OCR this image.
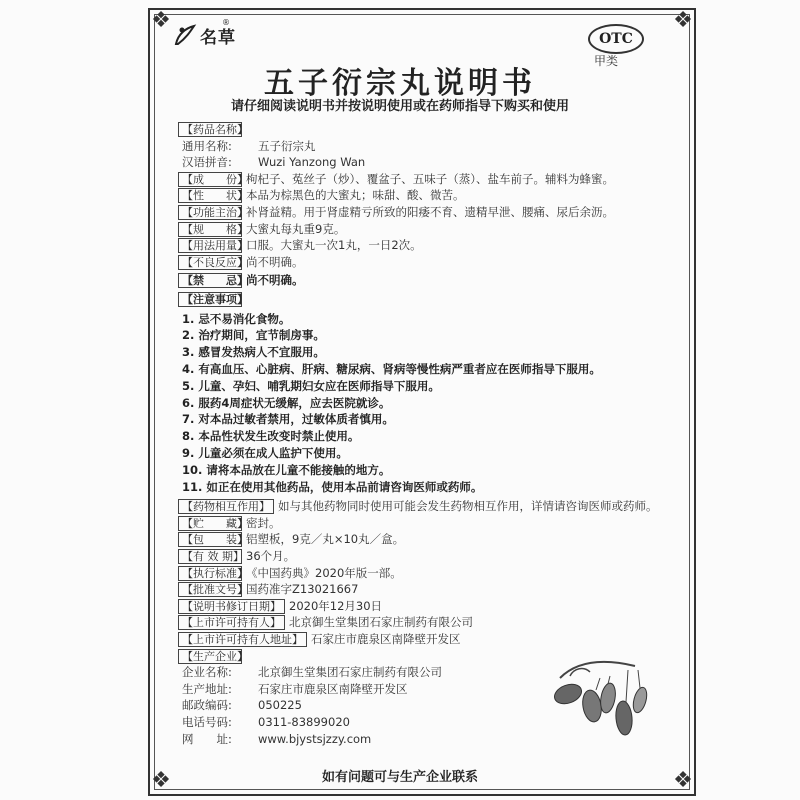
❖	❖
❖	❖
名草
®
OTC
甲类
五子衍宗丸说明书
请仔细阅读说明书并按说明使用或在药师指导下购买和使用
【药品名称】
通用名称:	五子衍宗丸
汉语拼音:	Wuzi Yanzong Wan
【成　　份】
枸杞子、菟丝子（炒）、覆盆子、五味子（蒸）、盐车前子。辅料为蜂蜜。
【性　　状】
本品为棕黑色的大蜜丸；味甜、酸、微苦。
【功能主治】
补肾益精。用于肾虚精亏所致的阳痿不育、遗精早泄、腰痛、尿后余沥。
【规　　格】
大蜜丸每丸重9克。
【用法用量】
口服。大蜜丸一次1丸，一日2次。
【不良反应】
尚不明确。
【禁　　忌】
尚不明确。
【注意事项】
1. 忌不易消化食物。
2. 治疗期间，宜节制房事。
3. 感冒发热病人不宜服用。
4. 有高血压、心脏病、肝病、糖尿病、肾病等慢性病严重者应在医师指导下服用。
5. 儿童、孕妇、哺乳期妇女应在医师指导下服用。
6. 服药4周症状无缓解，应去医院就诊。
7. 对本品过敏者禁用，过敏体质者慎用。
8. 本品性状发生改变时禁止使用。
9. 儿童必须在成人监护下使用。
10. 请将本品放在儿童不能接触的地方。
11. 如正在使用其他药品，使用本品前请咨询医师或药师。
【药物相互作用】 如与其他药物同时使用可能会发生药物相互作用，详情请咨询医师或药师。
【贮　　藏】
密封。
【包　　装】
铝塑板，9克／丸×10丸／盒。
【有 效 期】 36个月。
【执行标准】
《中国药典》2020年版一部。
【批准文号】
国药准字Z13021667
【说明书修订日期】 2020年12月30日
【上市许可持有人】 北京御生堂集团石家庄制药有限公司
【上市许可持有人地址】 石家庄市鹿泉区南降壁开发区
【生产企业】
企业名称:	北京御生堂集团石家庄制药有限公司
生产地址:	石家庄市鹿泉区南降壁开发区
邮政编码:	050225
电话号码:	0311-83899020
网　　址:	www.bjystsjzzy.com
如有问题可与生产企业联系
